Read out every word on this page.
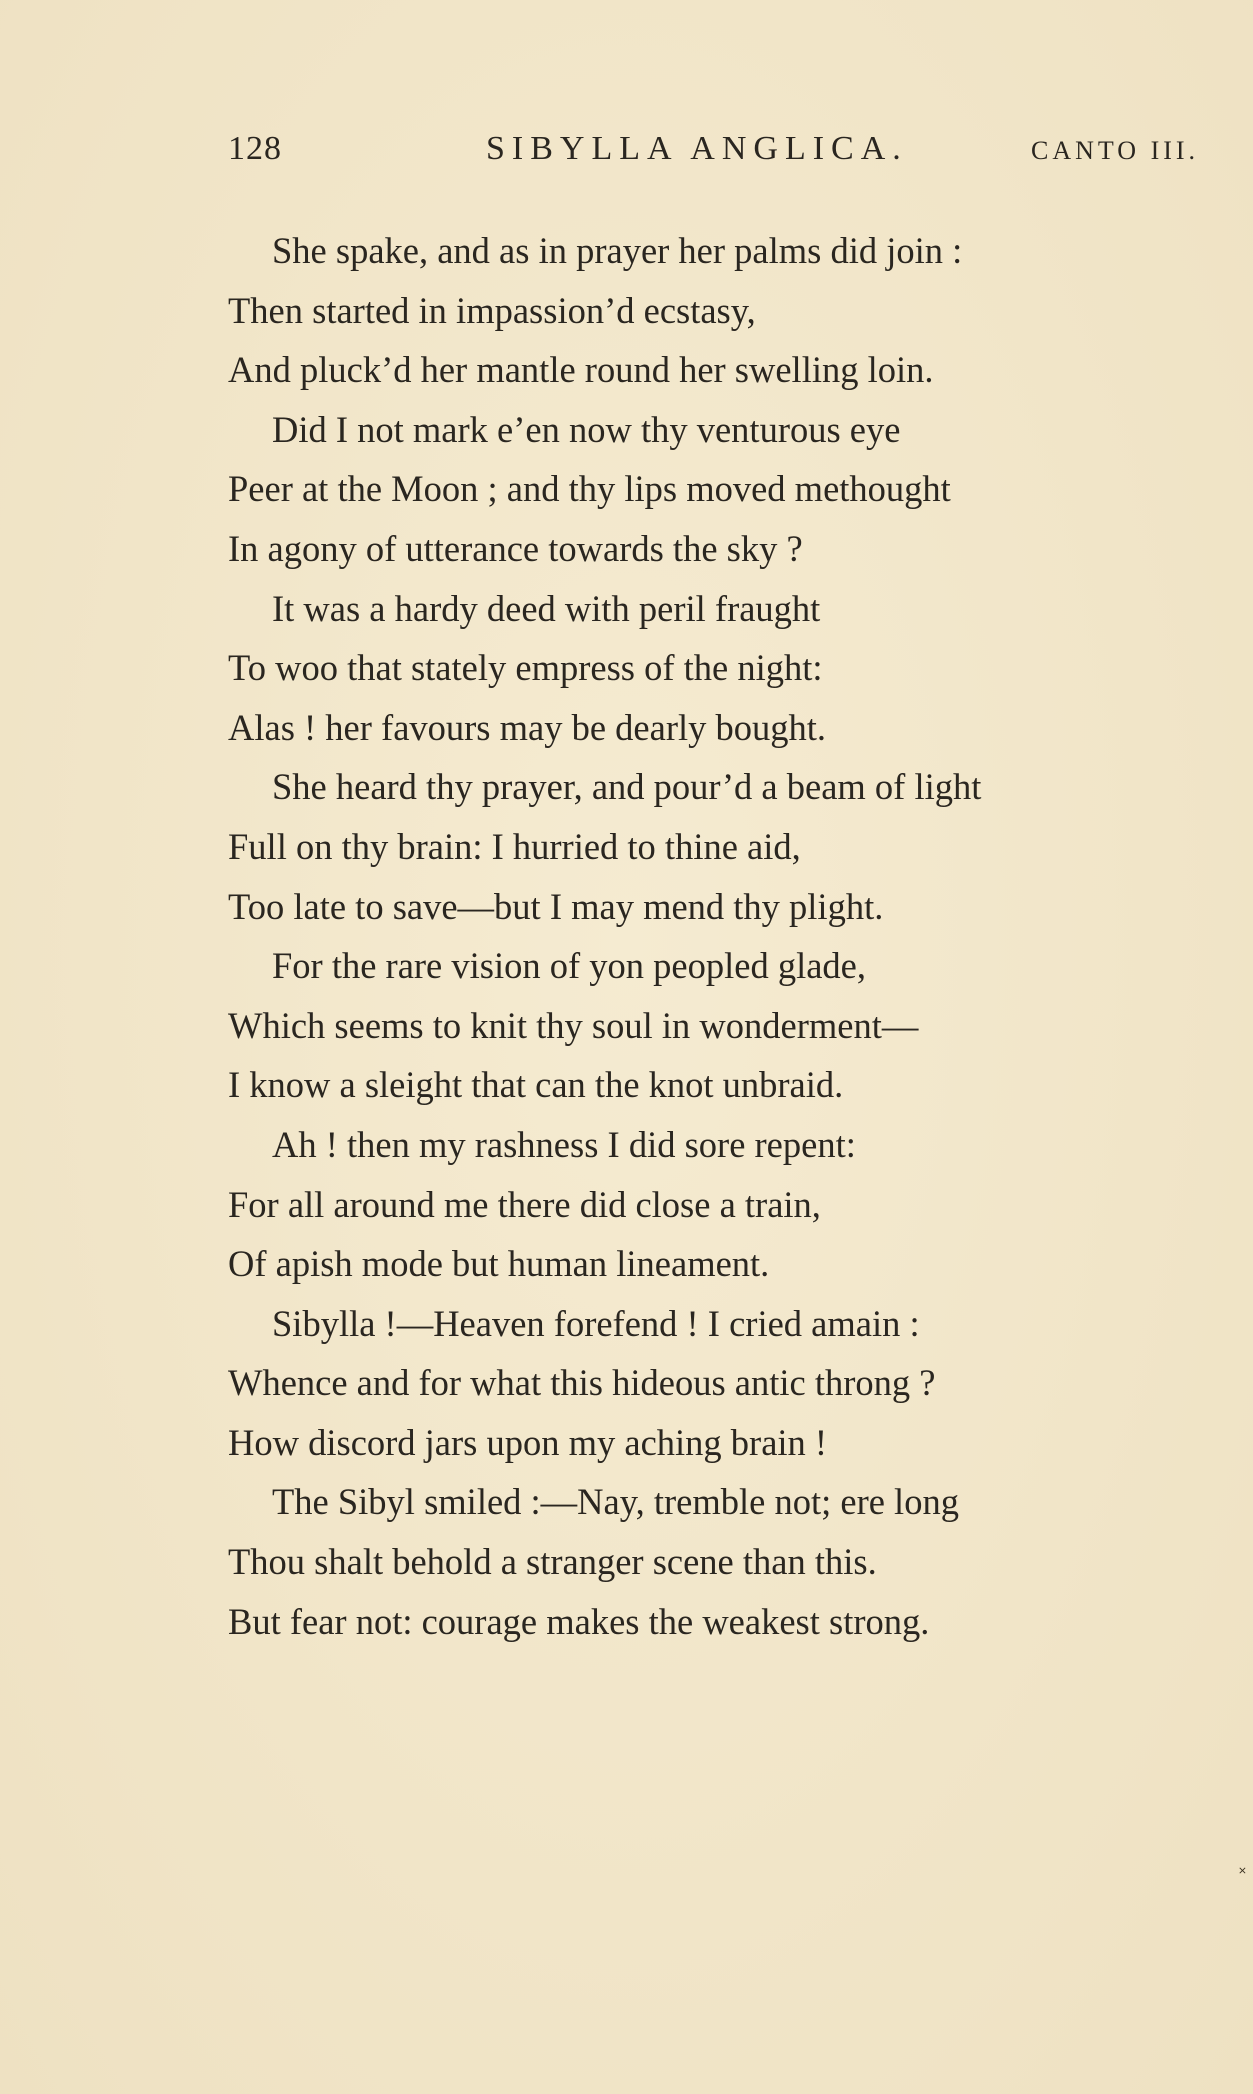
128	SIBYLLA ANGLICA.	CANTO III.
She spake, and as in prayer her palms did join :
Then started in impassion’d ecstasy,
And pluck’d her mantle round her swelling loin.
Did I not mark e’en now thy venturous eye
Peer at the Moon ; and thy lips moved methought
In agony of utterance towards the sky ?
It was a hardy deed with peril fraught
To woo that stately empress of the night:
Alas ! her favours may be dearly bought.
She heard thy prayer, and pour’d a beam of light
Full on thy brain: I hurried to thine aid,
Too late to save—but I may mend thy plight.
For the rare vision of yon peopled glade,
Which seems to knit thy soul in wonderment—
I know a sleight that can the knot unbraid.
Ah ! then my rashness I did sore repent:
For all around me there did close a train,
Of apish mode but human lineament.
Sibylla !—Heaven forefend ! I cried amain :
Whence and for what this hideous antic throng ?
How discord jars upon my aching brain !
The Sibyl smiled :—Nay, tremble not; ere long
Thou shalt behold a stranger scene than this.
But fear not: courage makes the weakest strong.
˟
